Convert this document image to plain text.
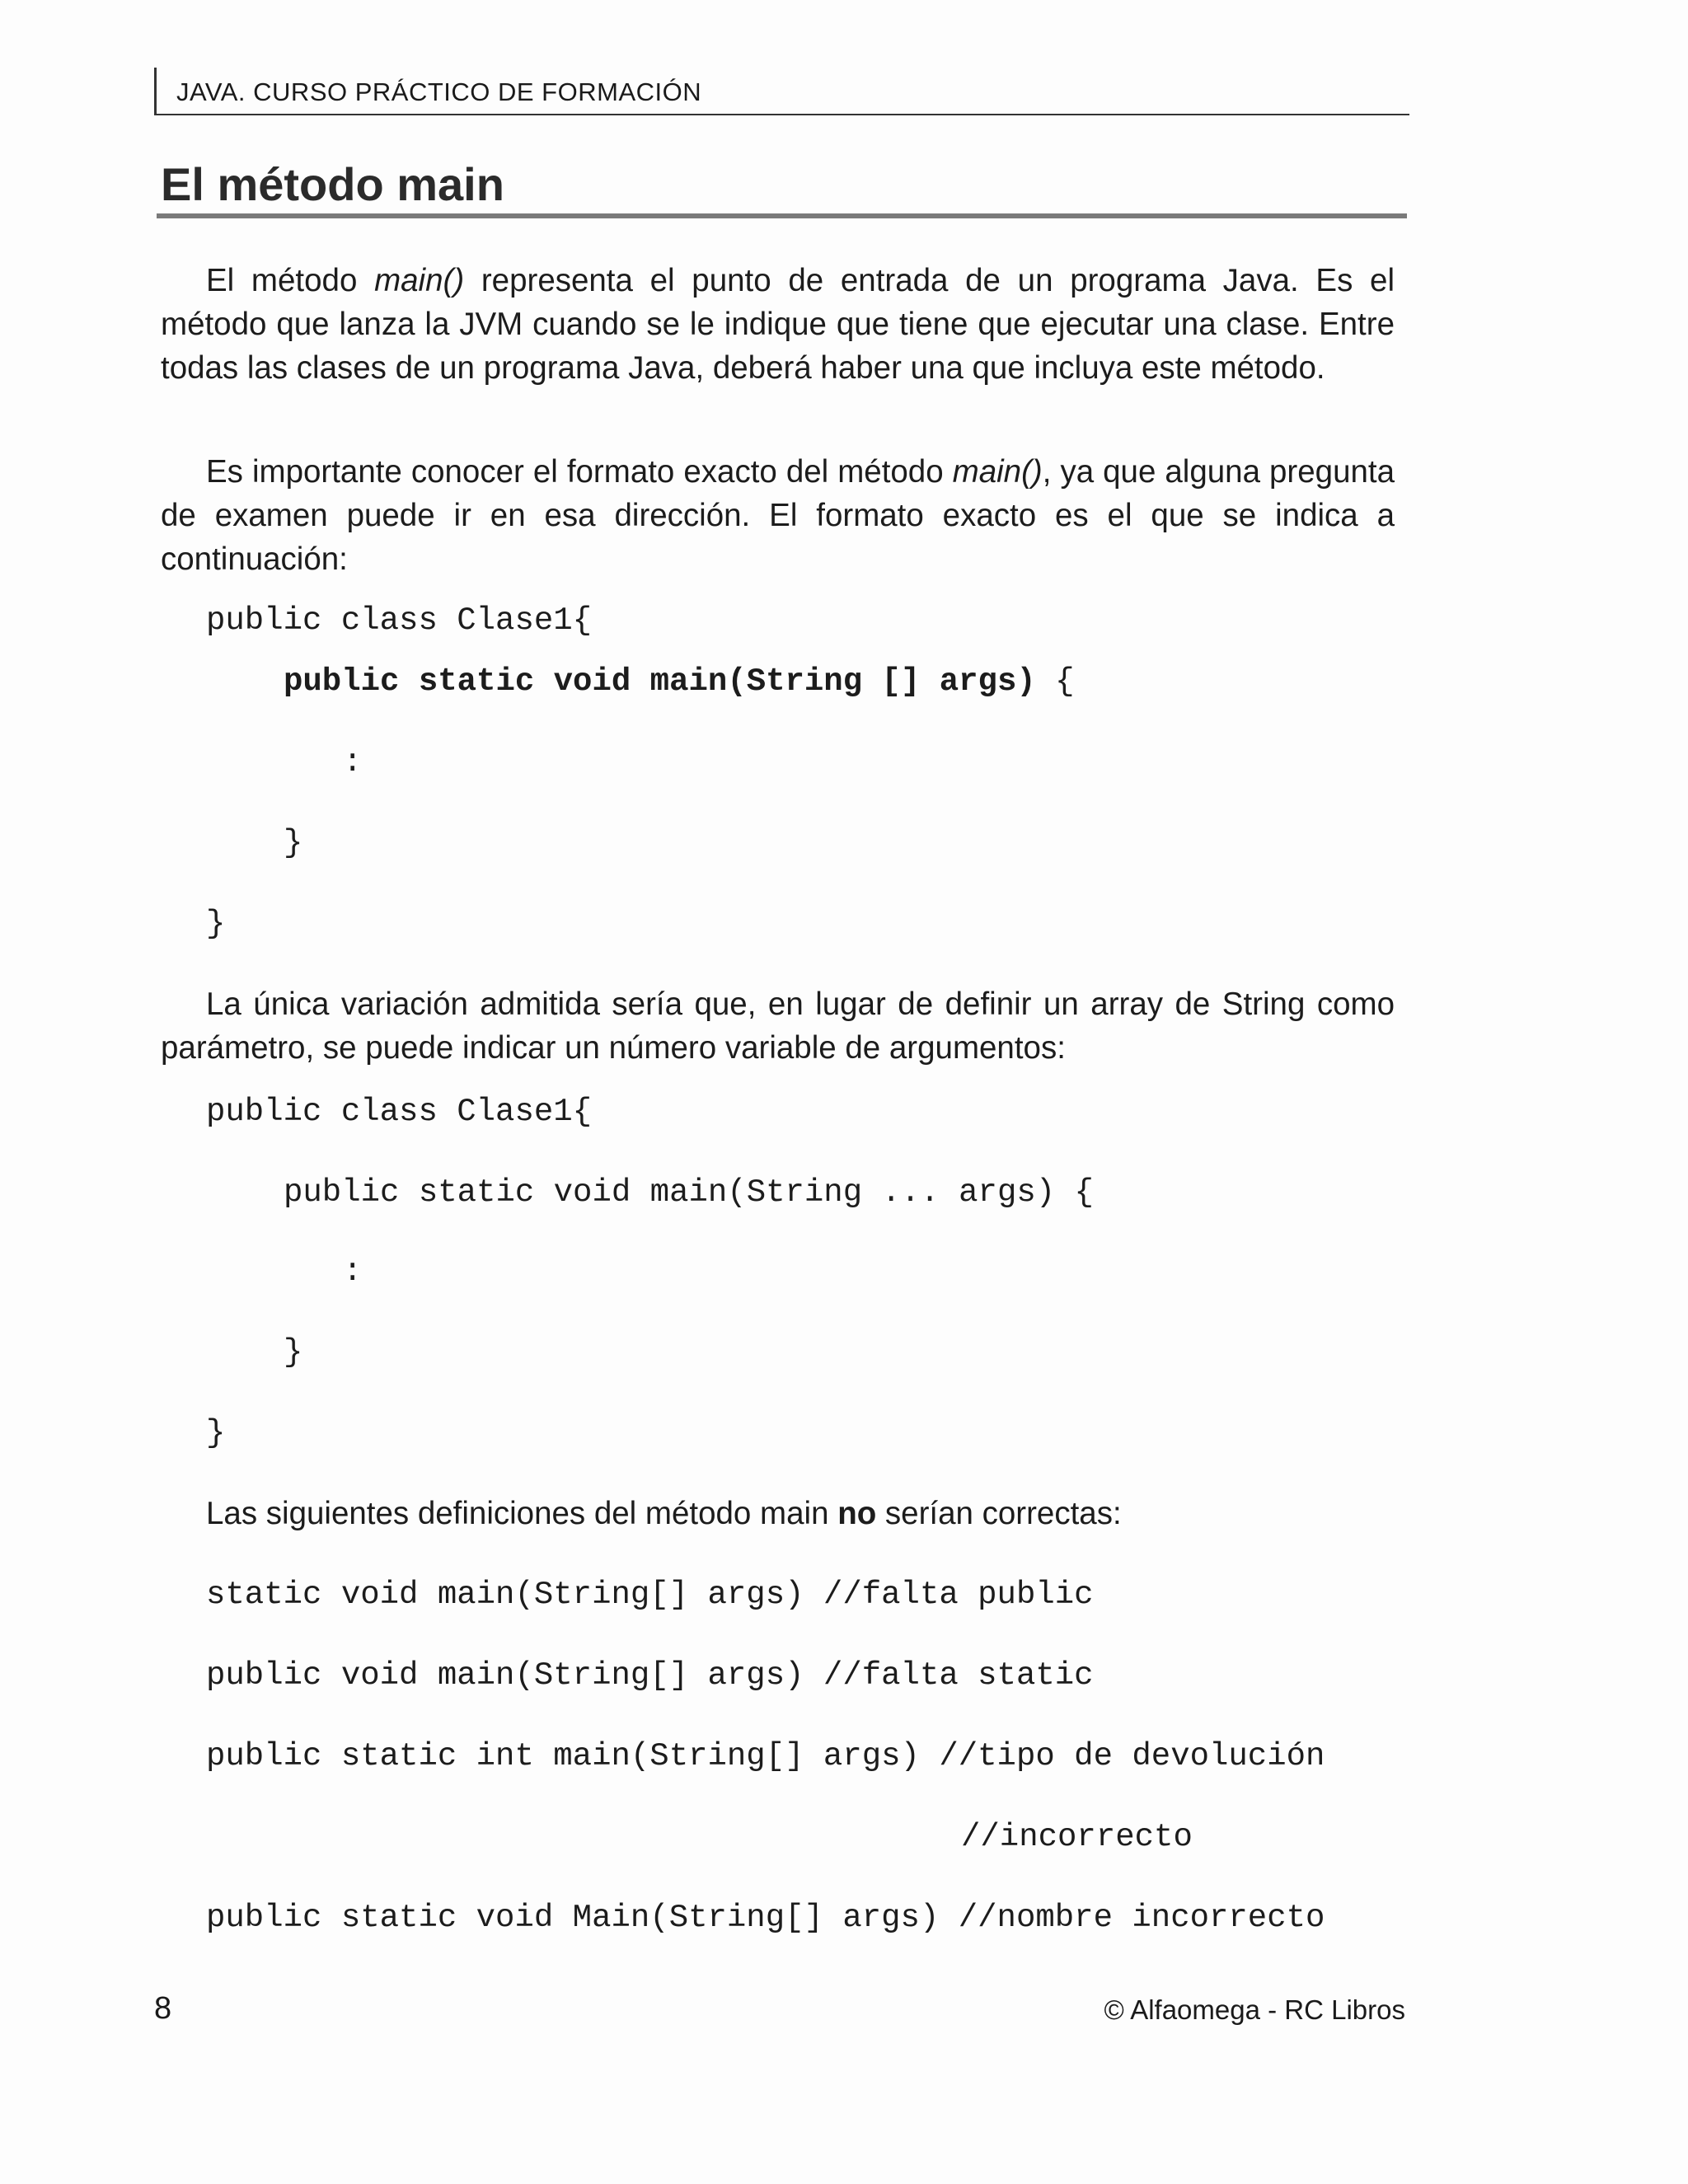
JAVA. CURSO PRÁCTICO DE FORMACIÓN
El método main

El método main() representa el punto de entrada de un programa Java. Es el método que lanza la JVM cuando se le indique que tiene que ejecutar una clase. Entre todas las clases de un programa Java, deberá haber una que incluya este método.

Es importante conocer el formato exacto del método main(), ya que alguna pregunta de examen puede ir en esa dirección. El formato exacto es el que se indica a continuación:

public class Clase1{
public static void main(String [] args) {
:
}
}

La única variación admitida sería que, en lugar de definir un array de String como parámetro, se puede indicar un número variable de argumentos:

public class Clase1{
public static void main(String ... args) {
:
}
}

Las siguientes definiciones del método main no serían correctas:

static void main(String[] args) //falta public
public void main(String[] args) //falta static
public static int main(String[] args) //tipo de devolución
//incorrecto
public static void Main(String[] args) //nombre incorrecto
8	© Alfaomega - RC Libros
